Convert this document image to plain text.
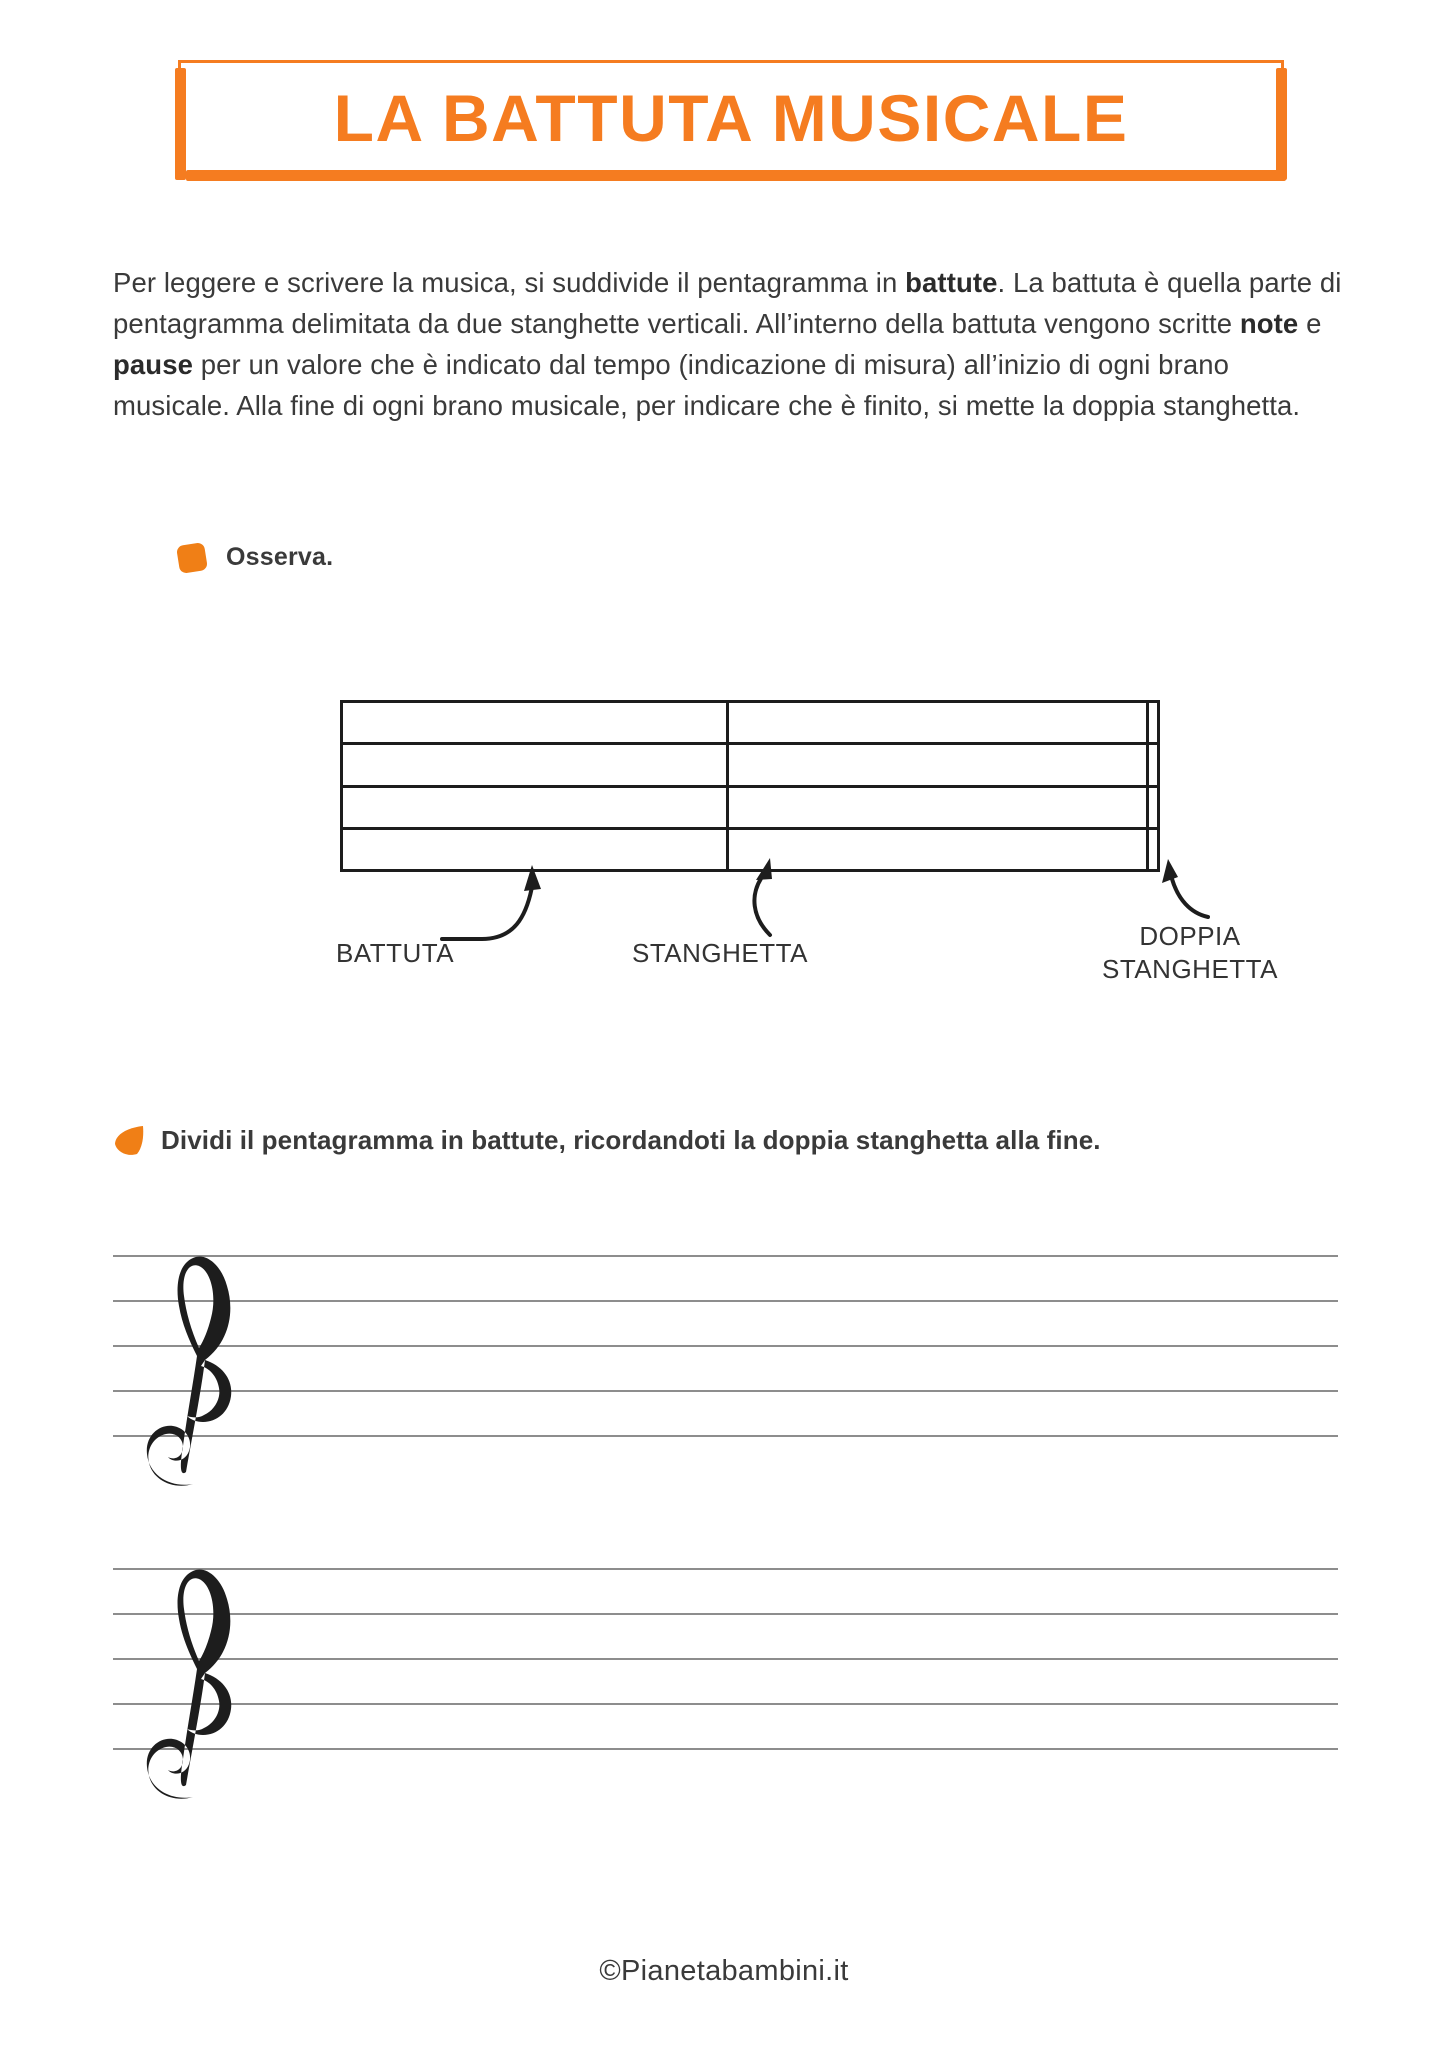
LA BATTUTA MUSICALE
Per leggere e scrivere la musica, si suddivide il pentagramma in battute. La battuta è quella parte di pentagramma delimitata da due stanghette verticali. All’interno della battuta vengono scritte note e pause per un valore che è indicato dal tempo (indicazione di misura) all’inizio di ogni brano musicale. Alla fine di ogni brano musicale, per indicare che è finito, si mette la doppia stanghetta.
Osserva.
BATTUTA	STANGHETTA
DOPPIA
STANGHETTA
Dividi il pentagramma in battute, ricordandoti la doppia stanghetta alla fine.
©Pianetabambini.it
